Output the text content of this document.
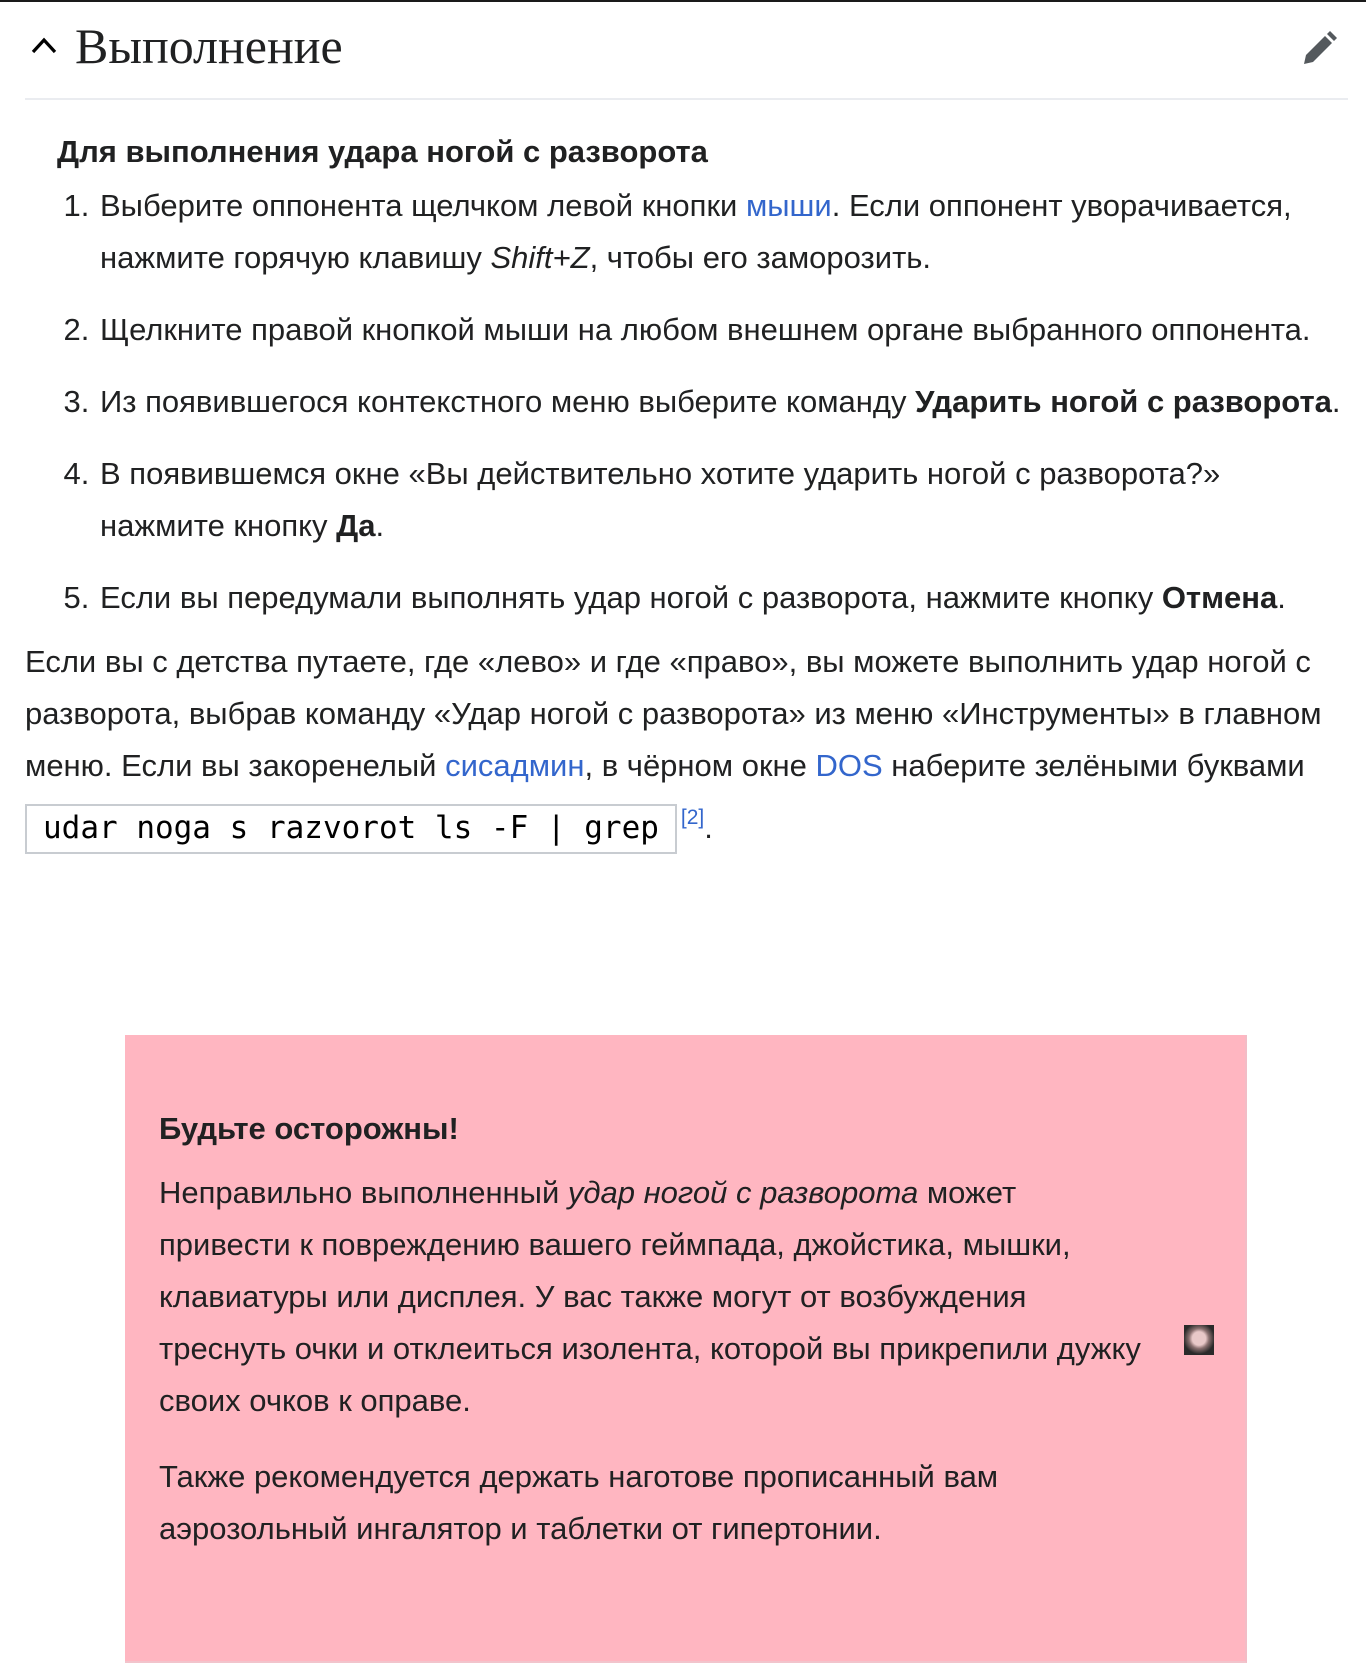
Выполнение
Для выполнения удара ногой с разворота
1. Выберите оппонента щелчком левой кнопки мыши. Если оппонент уворачивается, нажмите горячую клавишу Shift+Z, чтобы его заморозить.
2. Щелкните правой кнопкой мыши на любом внешнем органе выбранного оппонента.
3. Из появившегося контекстного меню выберите команду Ударить ногой с разворота.
4. В появившемся окне «Вы действительно хотите ударить ногой с разворота?» нажмите кнопку Да.
5. Если вы передумали выполнять удар ногой с разворота, нажмите кнопку Отмена.

Если вы с детства путаете, где «лево» и где «право», вы можете выполнить удар ногой с разворота, выбрав команду «Удар ногой с разворота» из меню «Инструменты» в главном меню. Если вы закоренелый сисадмин, в чёрном окне DOS наберите зелёными буквами udar noga s razvorot ls -F | grep [2].

Будьте осторожны!

Неправильно выполненный удар ногой с разворота может привести к повреждению вашего геймпада, джойстика, мышки, клавиатуры или дисплея. У вас также могут от возбуждения треснуть очки и отклеиться изолента, которой вы прикрепили дужку своих очков к оправе.

Также рекомендуется держать наготове прописанный вам аэрозольный ингалятор и таблетки от гипертонии.
